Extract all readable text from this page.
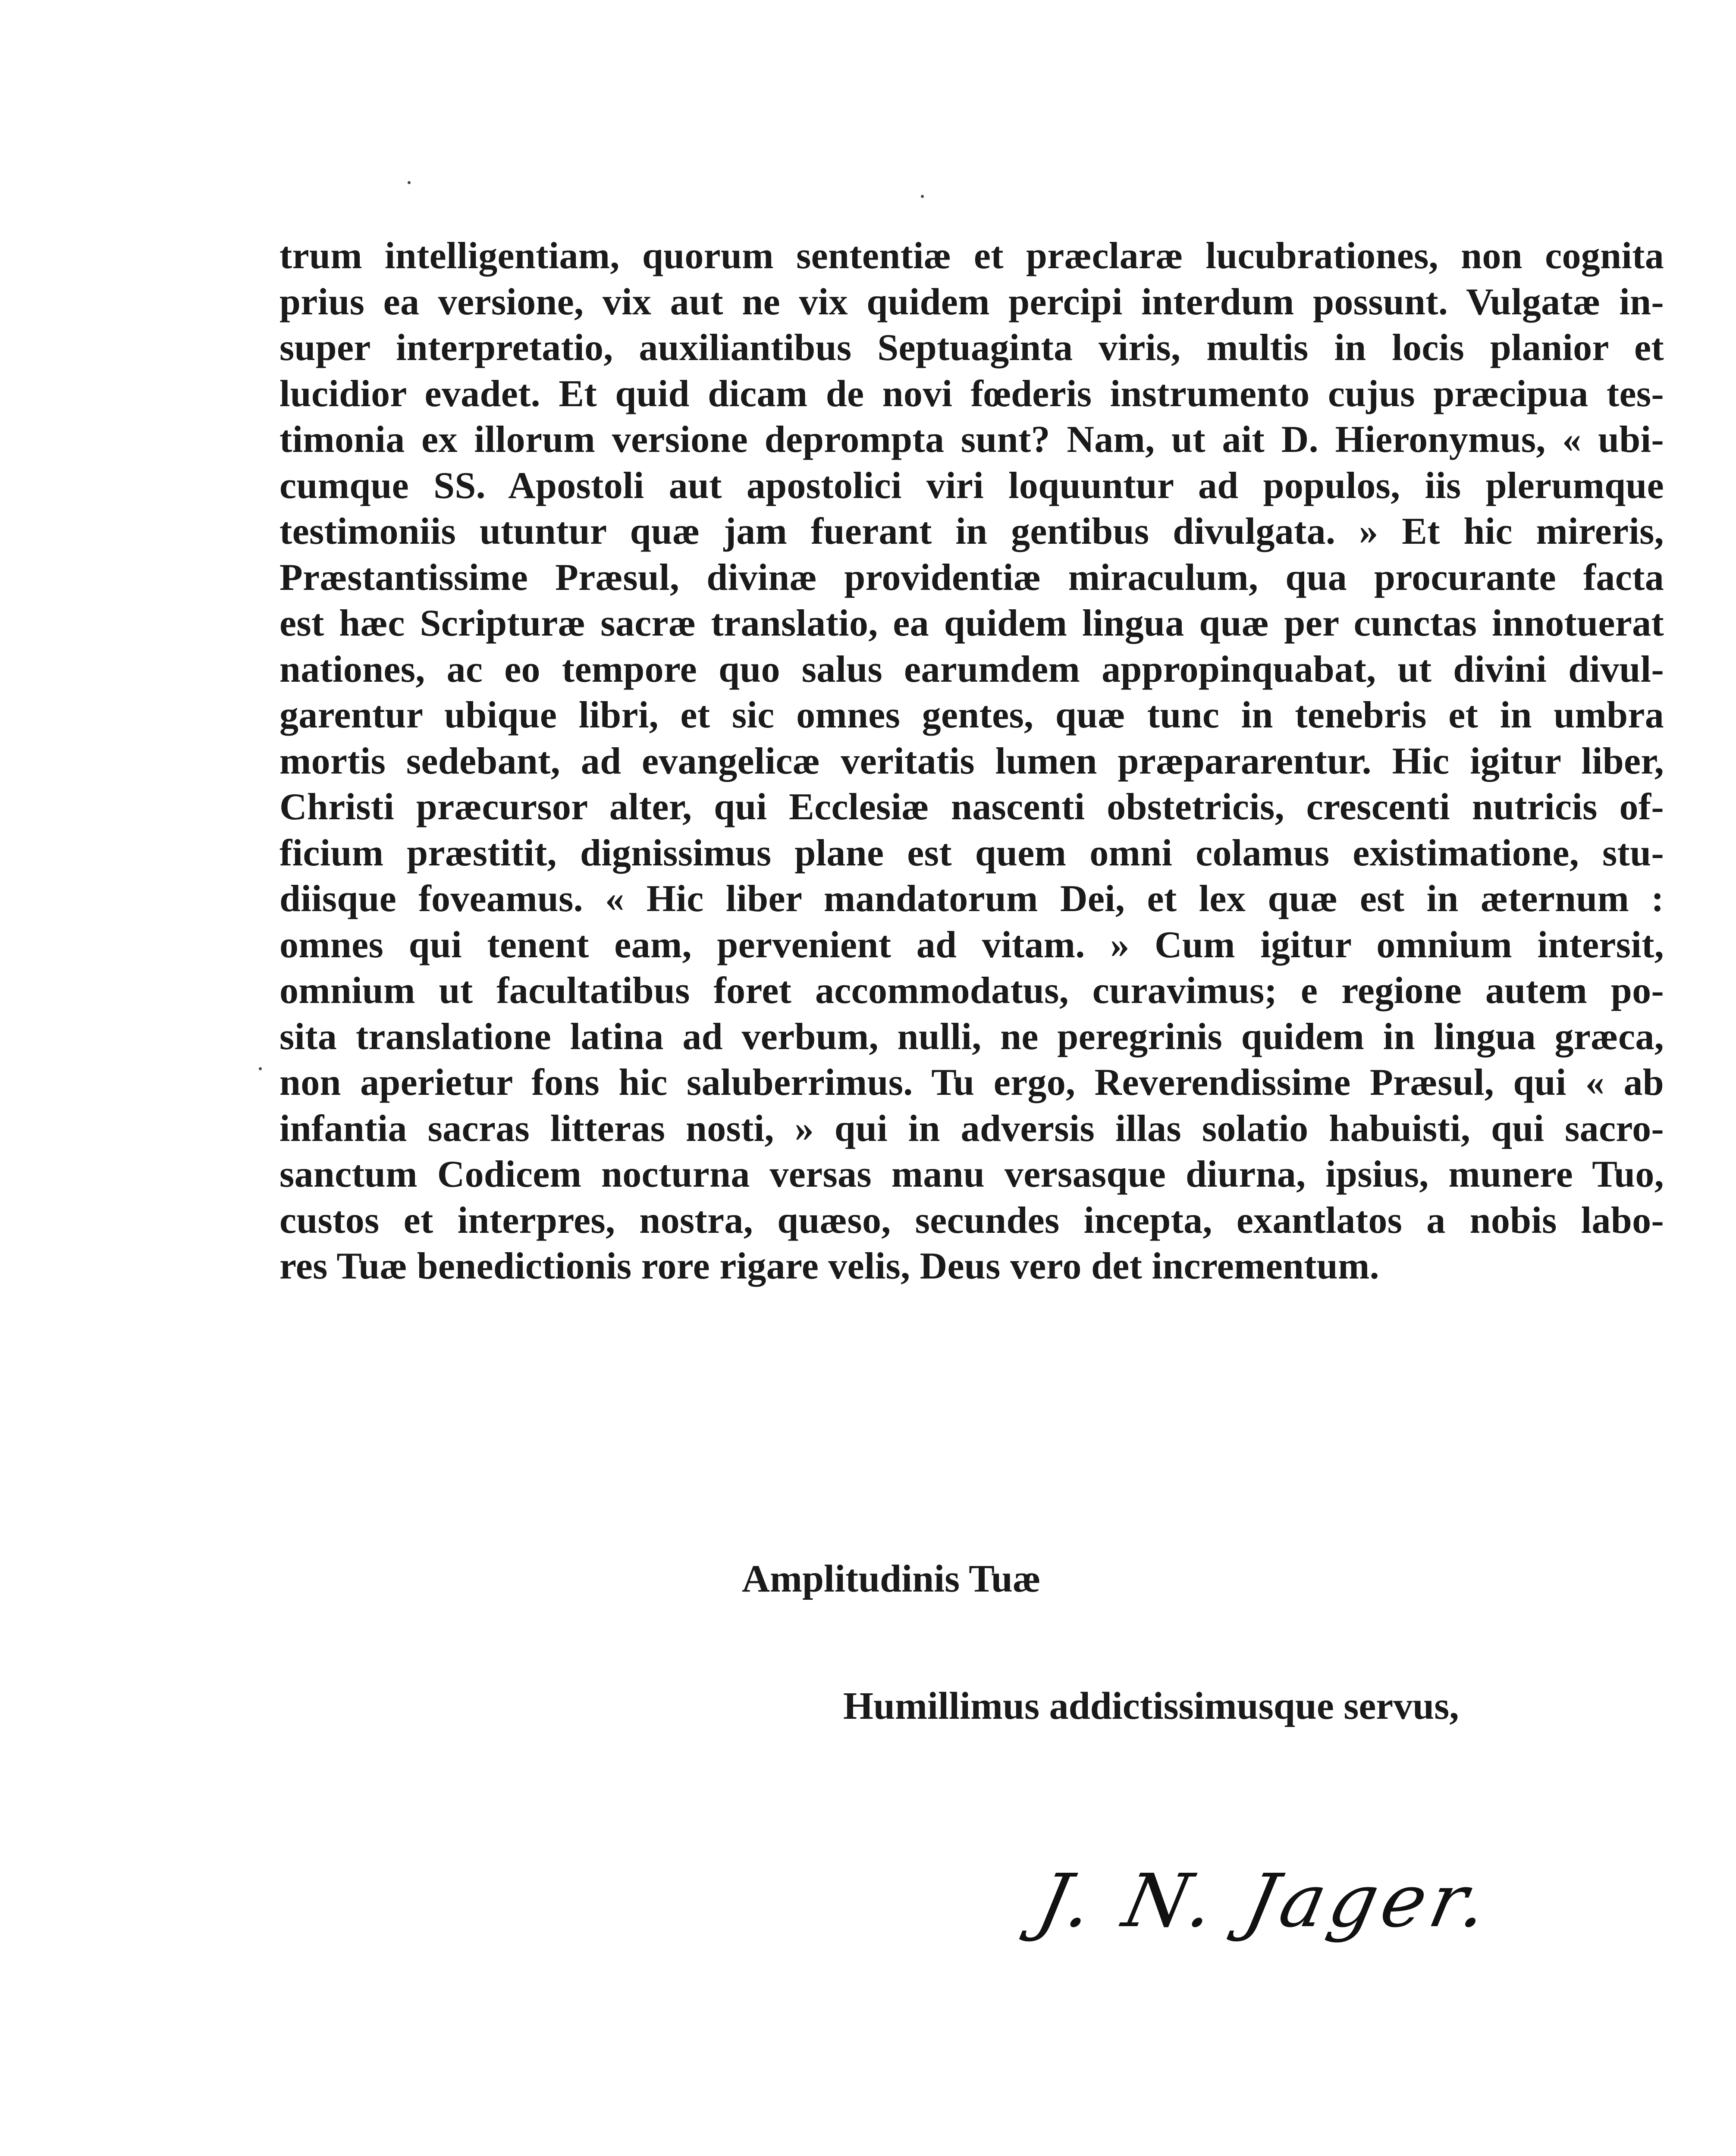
trum intelligentiam, quorum sententiæ et præclaræ lucubrationes, non cognita
prius ea versione, vix aut ne vix quidem percipi interdum possunt. Vulgatæ in-
super interpretatio, auxiliantibus Septuaginta viris, multis in locis planior et
lucidior evadet. Et quid dicam de novi fœderis instrumento cujus præcipua tes-
timonia ex illorum versione deprompta sunt? Nam, ut ait D. Hieronymus, « ubi-
cumque SS. Apostoli aut apostolici viri loquuntur ad populos, iis plerumque
testimoniis utuntur quæ jam fuerant in gentibus divulgata. » Et hic mireris,
Præstantissime Præsul, divinæ providentiæ miraculum, qua procurante facta
est hæc Scripturæ sacræ translatio, ea quidem lingua quæ per cunctas innotuerat
nationes, ac eo tempore quo salus earumdem appropinquabat, ut divini divul-
garentur ubique libri, et sic omnes gentes, quæ tunc in tenebris et in umbra
mortis sedebant, ad evangelicæ veritatis lumen præpararentur. Hic igitur liber,
Christi præcursor alter, qui Ecclesiæ nascenti obstetricis, crescenti nutricis of-
ficium præstitit, dignissimus plane est quem omni colamus existimatione, stu-
diisque foveamus. « Hic liber mandatorum Dei, et lex quæ est in æternum :
omnes qui tenent eam, pervenient ad vitam. » Cum igitur omnium intersit,
omnium ut facultatibus foret accommodatus, curavimus; e regione autem po-
sita translatione latina ad verbum, nulli, ne peregrinis quidem in lingua græca,
non aperietur fons hic saluberrimus. Tu ergo, Reverendissime Præsul, qui « ab
infantia sacras litteras nosti, » qui in adversis illas solatio habuisti, qui sacro-
sanctum Codicem nocturna versas manu versasque diurna, ipsius, munere Tuo,
custos et interpres, nostra, quæso, secundes incepta, exantlatos a nobis labo-
res Tuæ benedictionis rore rigare velis, Deus vero det incrementum.
Amplitudinis Tuæ
Humillimus addictissimusque servus,
J. N. Jager.
